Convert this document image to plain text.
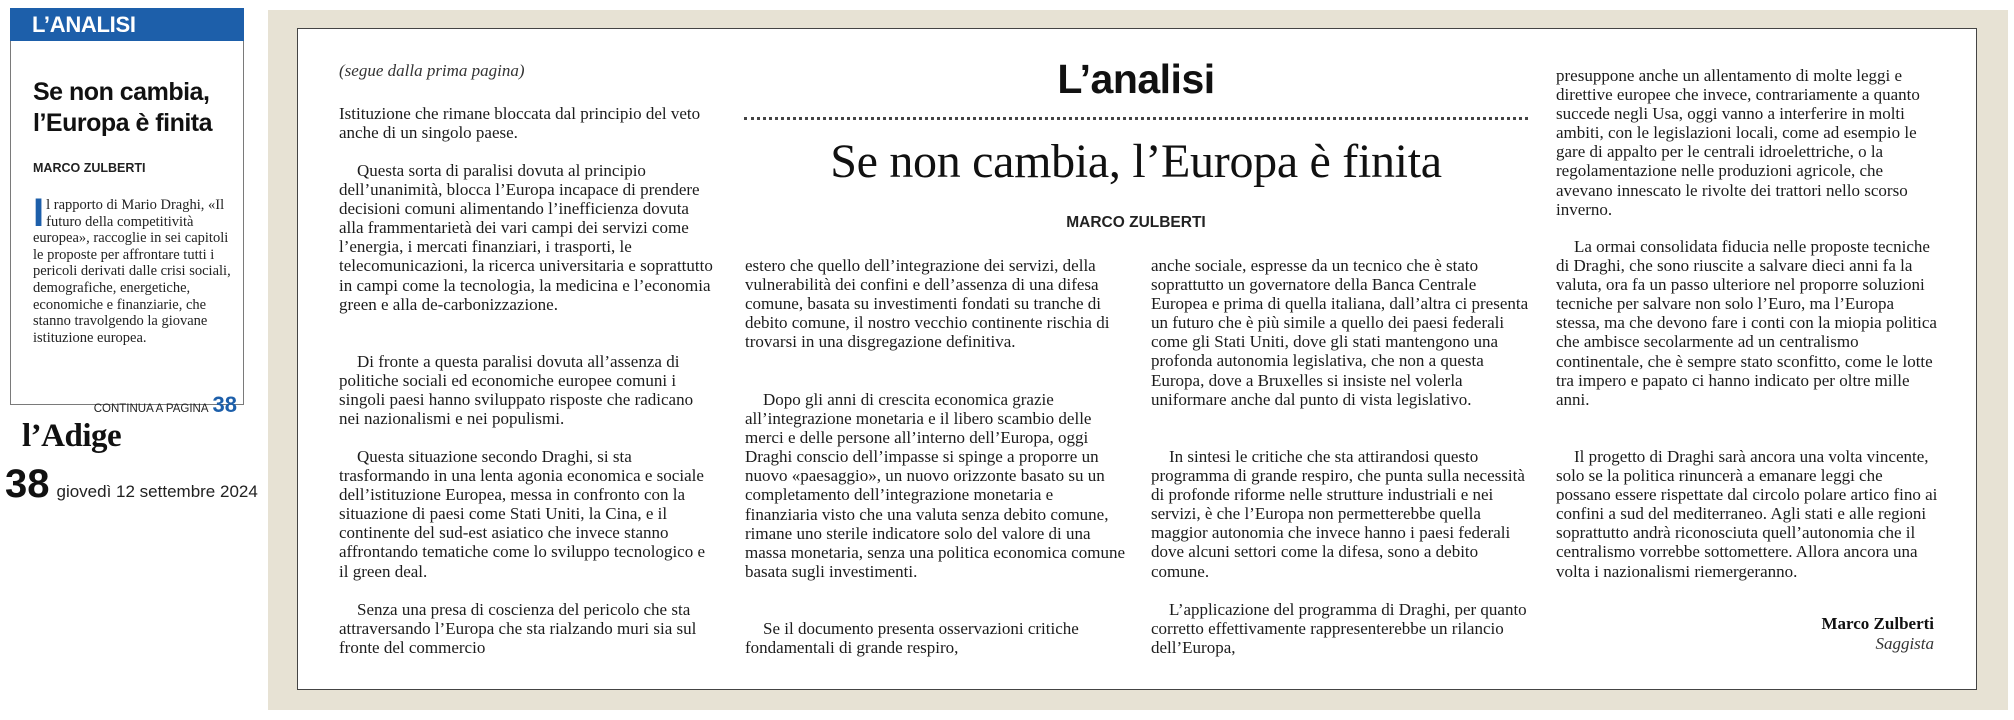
L’ANALISI
Se non cambia, l’Europa è finita
MARCO ZULBERTI
Il rapporto di Mario Draghi, «Il futuro della competitività europea», raccoglie in sei capitoli le proposte per affrontare tutti i pericoli derivati dalle crisi sociali, demografiche, energetiche, economiche e finanziarie, che stanno travolgendo la giovane istituzione europea.
CONTINUA A PAGINA 38
l’Adige
38 giovedì 12 settembre 2024
(segue dalla prima pagina)	L’analisi
Se non cambia, l’Europa è finita
MARCO ZULBERTI

Istituzione che rimane bloccata dal principio del veto anche di un singolo paese.

Questa sorta di paralisi dovuta al principio dell’unanimità, blocca l’Europa incapace di prendere decisioni comuni alimentando l’inefficienza dovuta alla frammentarietà dei vari campi dei servizi come l’energia, i mercati finanziari, i trasporti, le telecomunicazioni, la ricerca universitaria e soprattutto in campi come la tecnologia, la medicina e l’economia green e alla de-carbonizzazione.

Di fronte a questa paralisi dovuta all’assenza di politiche sociali ed economiche europee comuni i singoli paesi hanno sviluppato risposte che radicano nei nazionalismi e nei populismi.

Questa situazione secondo Draghi, si sta trasformando in una lenta agonia economica e sociale dell’istituzione Europea, messa in confronto con la situazione di paesi come Stati Uniti, la Cina, e il continente del sud-est asiatico che invece stanno affrontando tematiche come lo sviluppo tecnologico e il green deal.

Senza una presa di coscienza del pericolo che sta attraversando l’Europa che sta rialzando muri sia sul fronte del commercio

estero che quello dell’integrazione dei servizi, della vulnerabilità dei confini e dell’assenza di una difesa comune, basata su investimenti fondati su tranche di debito comune, il nostro vecchio continente rischia di trovarsi in una disgregazione definitiva.

Dopo gli anni di crescita economica grazie all’integrazione monetaria e il libero scambio delle merci e delle persone all’interno dell’Europa, oggi Draghi conscio dell’impasse si spinge a proporre un nuovo «paesaggio», un nuovo orizzonte basato su un completamento dell’integrazione monetaria e finanziaria visto che una valuta senza debito comune, rimane uno sterile indicatore solo del valore di una massa monetaria, senza una politica economica comune basata sugli investimenti.

Se il documento presenta osservazioni critiche fondamentali di grande respiro,

anche sociale, espresse da un tecnico che è stato soprattutto un governatore della Banca Centrale Europea e prima di quella italiana, dall’altra ci presenta un futuro che è più simile a quello dei paesi federali come gli Stati Uniti, dove gli stati mantengono una profonda autonomia legislativa, che non a questa Europa, dove a Bruxelles si insiste nel volerla uniformare anche dal punto di vista legislativo.

In sintesi le critiche che sta attirandosi questo programma di grande respiro, che punta sulla necessità di profonde riforme nelle strutture industriali e nei servizi, è che l’Europa non permetterebbe quella maggior autonomia che invece hanno i paesi federali dove alcuni settori come la difesa, sono a debito comune.

L’applicazione del programma di Draghi, per quanto corretto effettivamente rappresenterebbe un rilancio dell’Europa,

presuppone anche un allentamento di molte leggi e direttive europee che invece, contrariamente a quanto succede negli Usa, oggi vanno a interferire in molti ambiti, con le legislazioni locali, come ad esempio le gare di appalto per le centrali idroelettriche, o la regolamentazione nelle produzioni agricole, che avevano innescato le rivolte dei trattori nello scorso inverno.

La ormai consolidata fiducia nelle proposte tecniche di Draghi, che sono riuscite a salvare dieci anni fa la valuta, ora fa un passo ulteriore nel proporre soluzioni tecniche per salvare non solo l’Euro, ma l’Europa stessa, ma che devono fare i conti con la miopia politica che ambisce secolarmente ad un centralismo continentale, che è sempre stato sconfitto, come le lotte tra impero e papato ci hanno indicato per oltre mille anni.

Il progetto di Draghi sarà ancora una volta vincente, solo se la politica rinuncerà a emanare leggi che possano essere rispettate dal circolo polare artico fino ai confini a sud del mediterraneo. Agli stati e alle regioni soprattutto andrà riconosciuta quell’autonomia che il centralismo vorrebbe sottomettere. Allora ancora una volta i nazionalismi riemergeranno.

Marco Zulberti
Saggista
